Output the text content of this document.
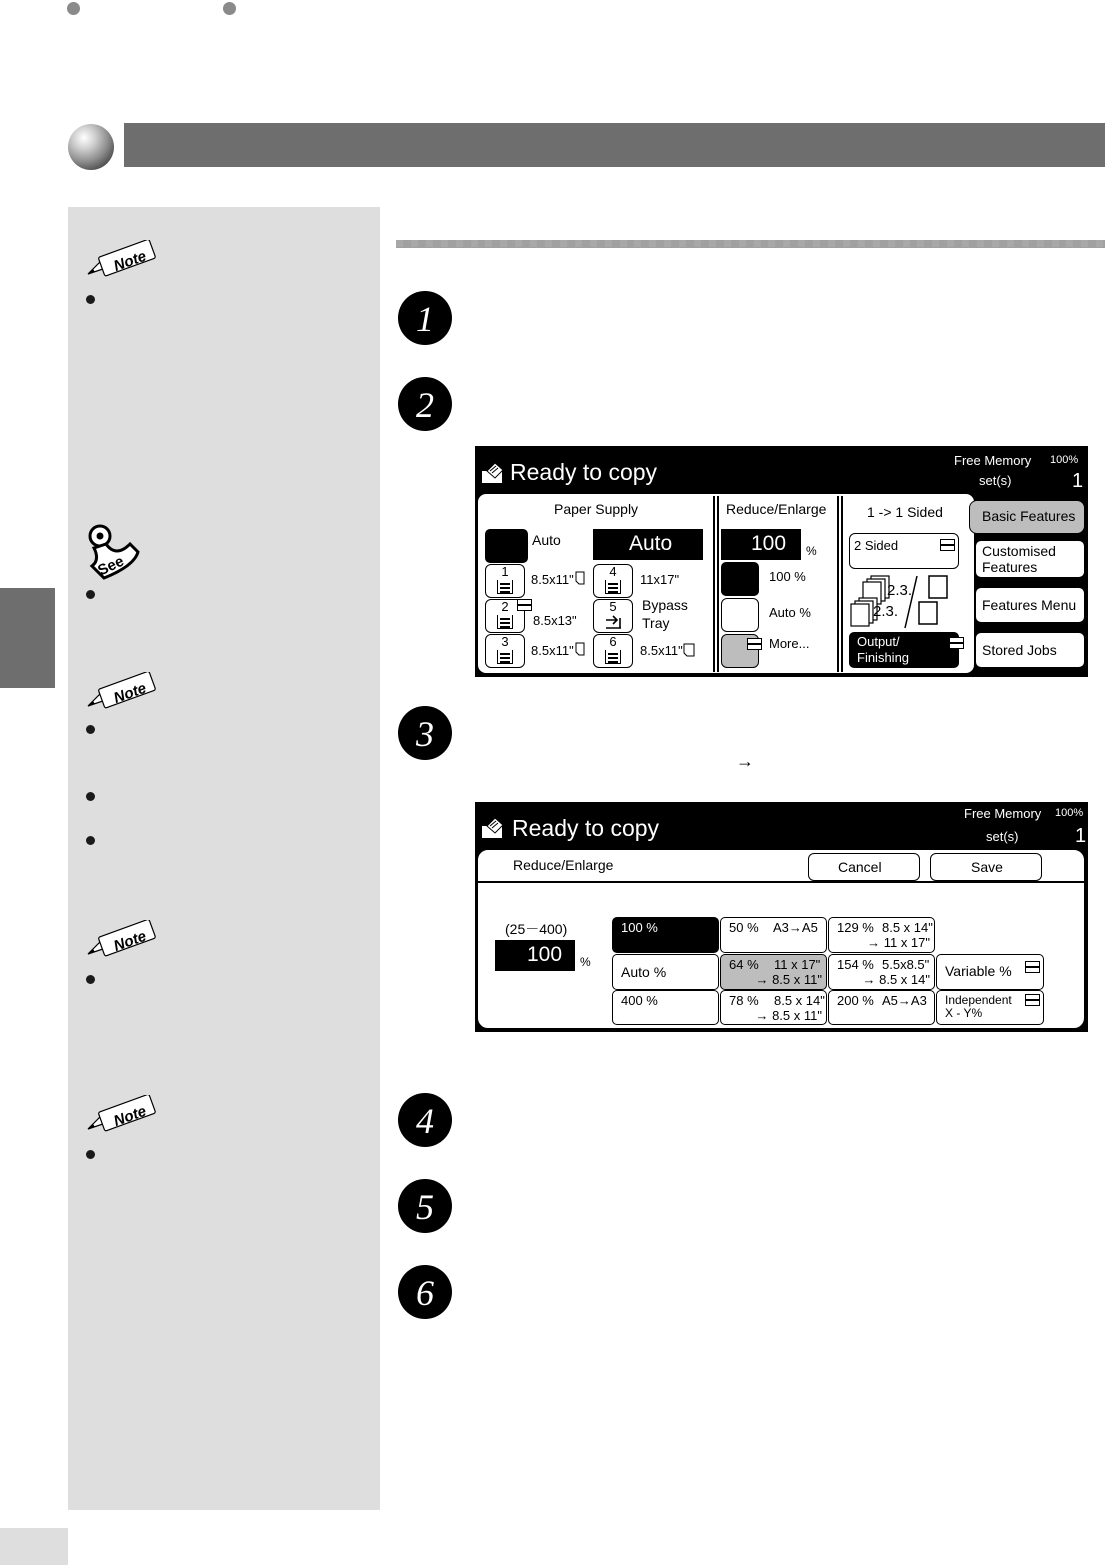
Note
See
Note
Note
Note
1
2
3
4
5
6
→
Ready to copy	Free Memory 100%
set(s)	1
Paper Supply
Auto	Auto
1
8.5x11"
2
8.5x13"
3
8.5x11"
4
11x17"
5	Bypass
Tray
6
8.5x11"
Reduce/Enlarge
100 %
100 %
Auto %
More...
1 -> 1 Sided
2 Sided
2.3.
2.3.
Output/
Finishing
Basic Features
Customised
Features
Features Menu
Stored Jobs
Ready to copy
Free Memory 100%
set(s)	1
Reduce/Enlarge	Cancel	Save
(25－400)
100 %
100 %
Auto %
400 %
50 % A3→A5
64 % 11 x 17"
→ 8.5 x 11"
78 % 8.5 x 14"
→ 8.5 x 11"
129 % 8.5 x 14"
→ 11 x 17"
154 % 5.5x8.5"
→ 8.5 x 14"
200 % A5→A3
Variable %
Independent
X - Y%
